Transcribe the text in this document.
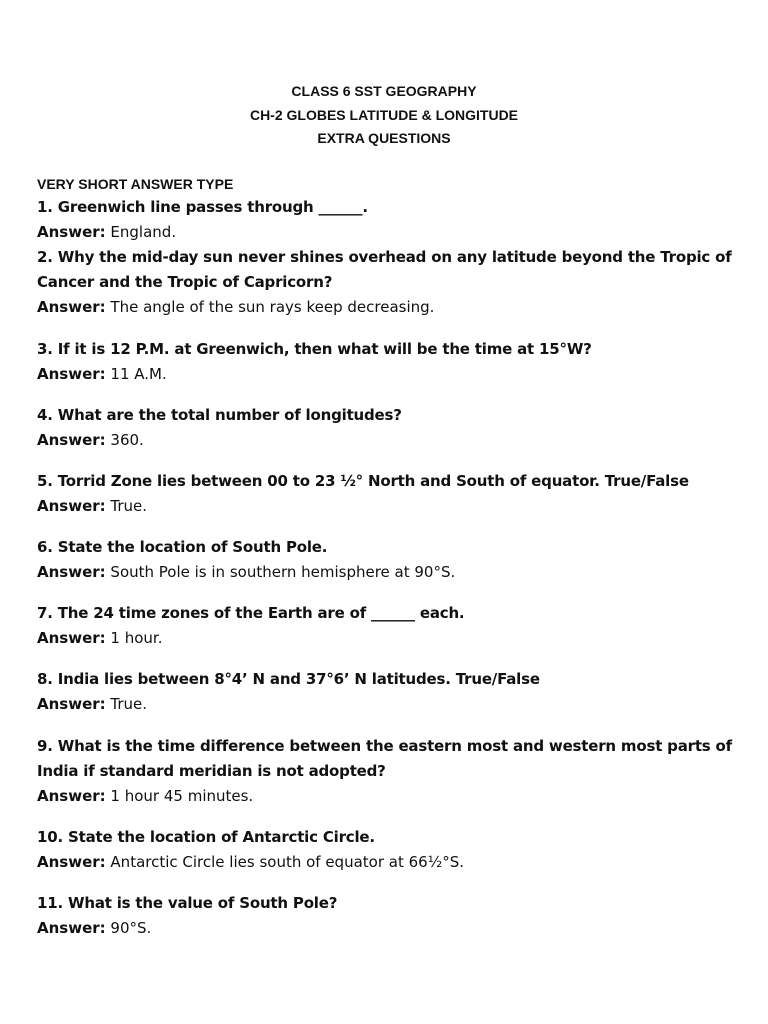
CLASS 6 SST GEOGRAPHY
CH-2 GLOBES LATITUDE & LONGITUDE
EXTRA QUESTIONS
VERY SHORT ANSWER TYPE
1. Greenwich line passes through ______.
Answer: England.
2. Why the mid-day sun never shines overhead on any latitude beyond the Tropic of Cancer and the Tropic of Capricorn?
Answer: The angle of the sun rays keep decreasing.
3. If it is 12 P.M. at Greenwich, then what will be the time at 15°W?
Answer: 11 A.M.
4. What are the total number of longitudes?
Answer: 360.
5. Torrid Zone lies between 00 to 23 ½° North and South of equator. True/False
Answer: True.
6. State the location of South Pole.
Answer: South Pole is in southern hemisphere at 90°S.
7. The 24 time zones of the Earth are of ______ each.
Answer: 1 hour.
8. India lies between 8°4’ N and 37°6’ N latitudes. True/False
Answer: True.
9. What is the time difference between the eastern most and western most parts of India if standard meridian is not adopted?
Answer: 1 hour 45 minutes.
10. State the location of Antarctic Circle.
Answer: Antarctic Circle lies south of equator at 66½°S.
11. What is the value of South Pole?
Answer: 90°S.
